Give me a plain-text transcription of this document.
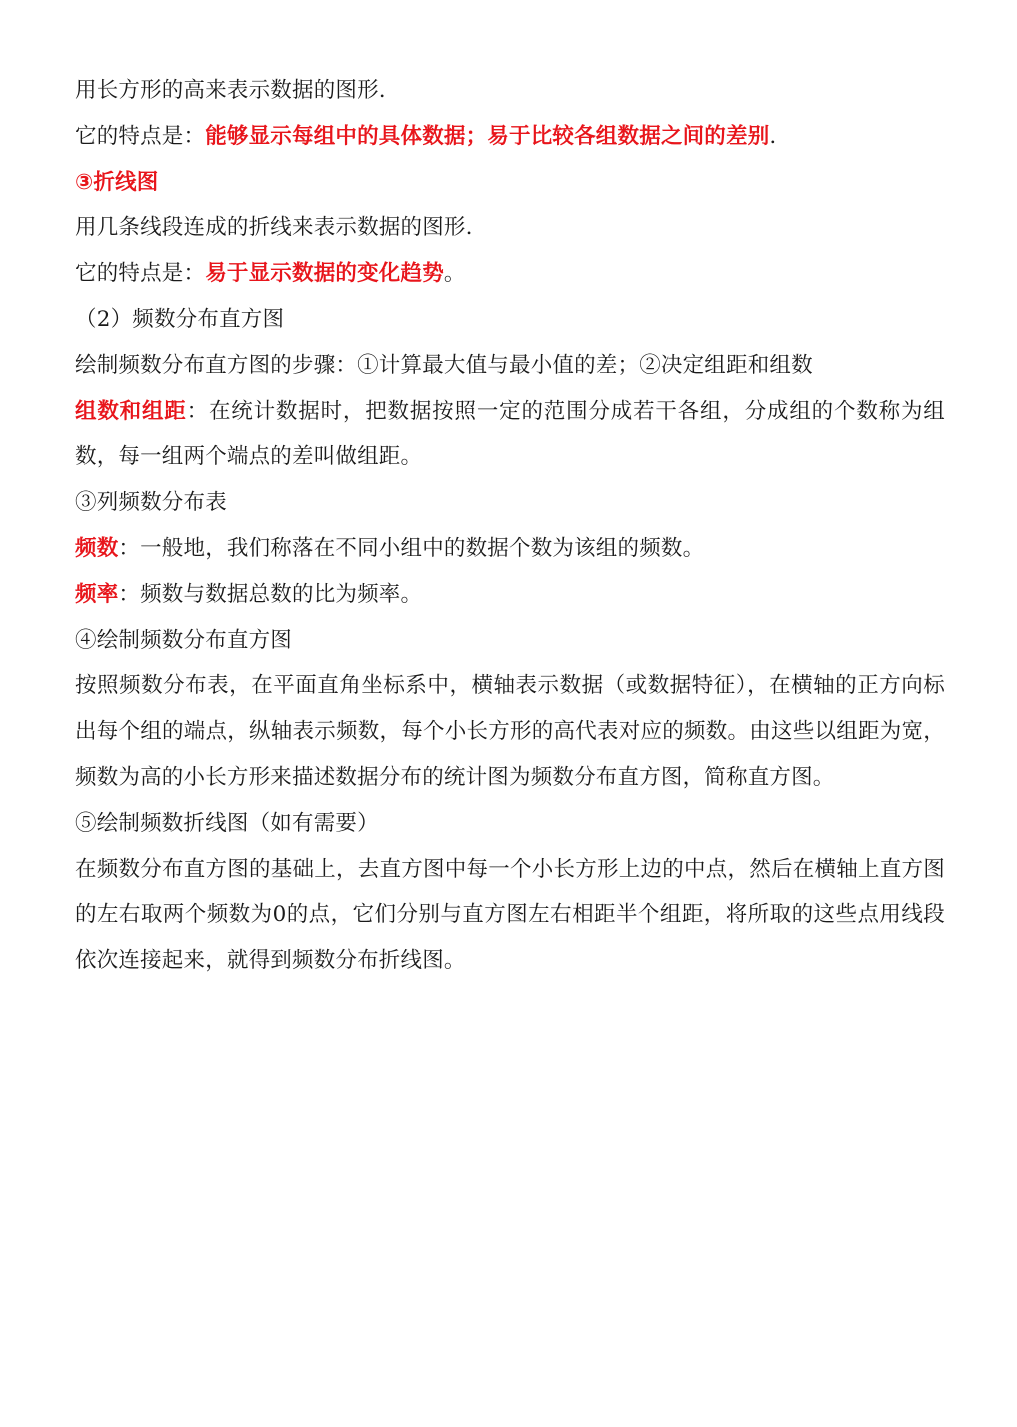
用长方形的高来表示数据的图形.
它的特点是：能够显示每组中的具体数据；易于比较各组数据之间的差别.
③折线图
用几条线段连成的折线来表示数据的图形.
它的特点是：易于显示数据的变化趋势。
（2）频数分布直方图
绘制频数分布直方图的步骤：①计算最大值与最小值的差；②决定组距和组数
组数和组距：在统计数据时，把数据按照一定的范围分成若干各组，分成组的个数称为组数，每一组两个端点的差叫做组距。
③列频数分布表
频数：一般地，我们称落在不同小组中的数据个数为该组的频数。
频率：频数与数据总数的比为频率。
④绘制频数分布直方图
按照频数分布表，在平面直角坐标系中，横轴表示数据（或数据特征），在横轴的正方向标出每个组的端点，纵轴表示频数，每个小长方形的高代表对应的频数。由这些以组距为宽，频数为高的小长方形来描述数据分布的统计图为频数分布直方图，简称直方图。
⑤绘制频数折线图（如有需要）
在频数分布直方图的基础上，去直方图中每一个小长方形上边的中点，然后在横轴上直方图的左右取两个频数为0的点，它们分别与直方图左右相距半个组距，将所取的这些点用线段依次连接起来，就得到频数分布折线图。
